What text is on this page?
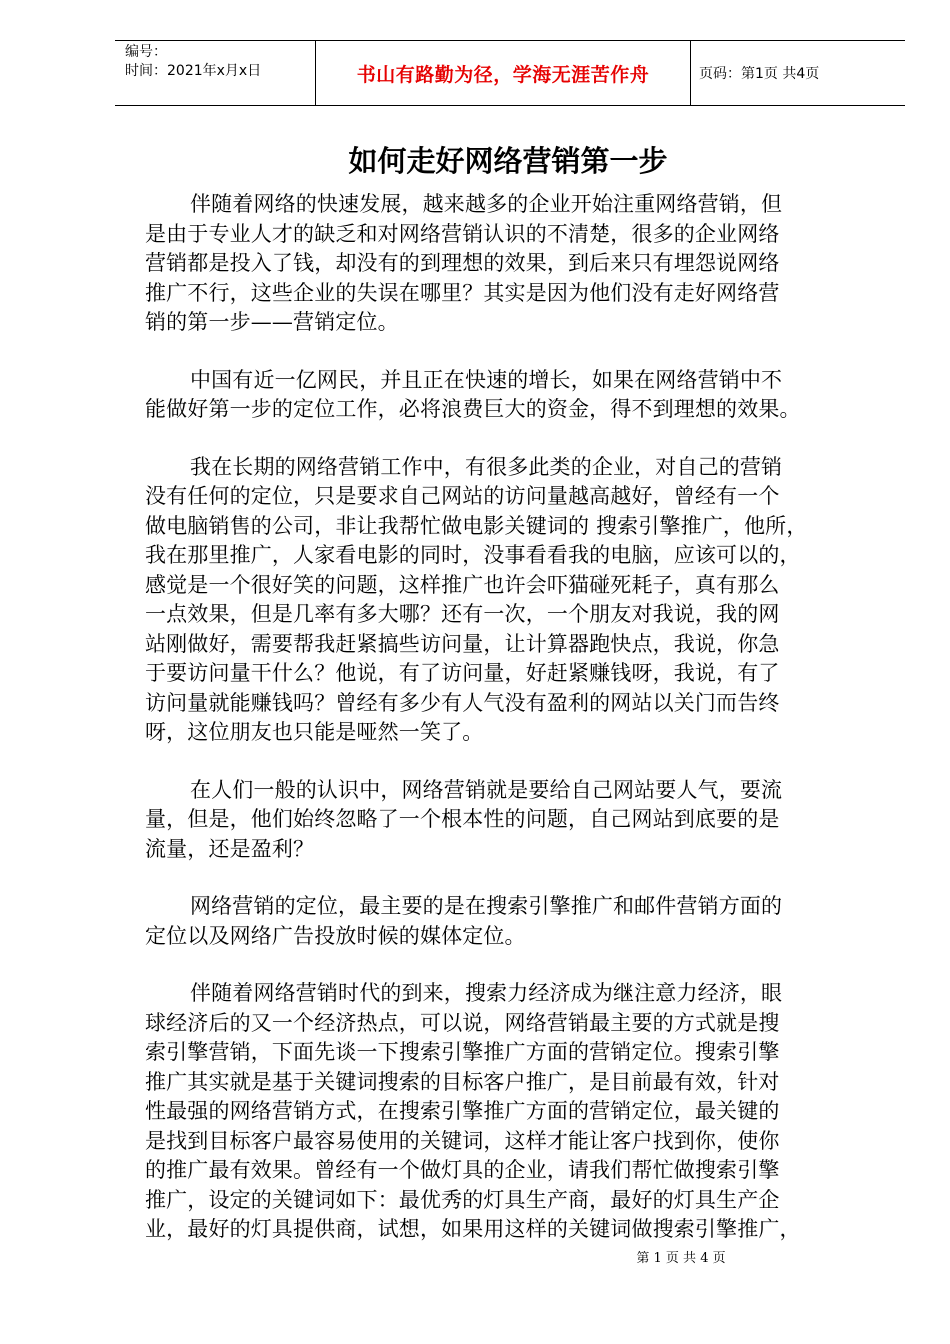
编号：
时间：2021年x月x日	书山有路勤为径，学海无涯苦作舟	页码：第1页 共4页
如何走好网络营销第一步
伴随着网络的快速发展，越来越多的企业开始注重网络营销，但
是由于专业人才的缺乏和对网络营销认识的不清楚，很多的企业网络
营销都是投入了钱，却没有的到理想的效果，到后来只有埋怨说网络
推广不行，这些企业的失误在哪里？其实是因为他们没有走好网络营
销的第一步——营销定位。
中国有近一亿网民，并且正在快速的增长，如果在网络营销中不
能做好第一步的定位工作，必将浪费巨大的资金，得不到理想的效果。
我在长期的网络营销工作中，有很多此类的企业，对自己的营销
没有任何的定位，只是要求自己网站的访问量越高越好，曾经有一个
做电脑销售的公司，非让我帮忙做电影关键词的 搜索引擎推广，他所，
我在那里推广，人家看电影的同时，没事看看我的电脑，应该可以的，
感觉是一个很好笑的问题，这样推广也许会吓猫碰死耗子，真有那么
一点效果，但是几率有多大哪？还有一次，一个朋友对我说，我的网
站刚做好，需要帮我赶紧搞些访问量，让计算器跑快点，我说，你急
于要访问量干什么？他说，有了访问量，好赶紧赚钱呀，我说，有了
访问量就能赚钱吗？曾经有多少有人气没有盈利的网站以关门而告终
呀，这位朋友也只能是哑然一笑了。
在人们一般的认识中，网络营销就是要给自己网站要人气，要流
量，但是，他们始终忽略了一个根本性的问题，自己网站到底要的是
流量，还是盈利？
网络营销的定位，最主要的是在搜索引擎推广和邮件营销方面的
定位以及网络广告投放时候的媒体定位。
伴随着网络营销时代的到来，搜索力经济成为继注意力经济，眼
球经济后的又一个经济热点，可以说，网络营销最主要的方式就是搜
索引擎营销，下面先谈一下搜索引擎推广方面的营销定位。搜索引擎
推广其实就是基于关键词搜索的目标客户推广，是目前最有效，针对
性最强的网络营销方式，在搜索引擎推广方面的营销定位，最关键的
是找到目标客户最容易使用的关键词，这样才能让客户找到你，使你
的推广最有效果。曾经有一个做灯具的企业，请我们帮忙做搜索引擎
推广，设定的关键词如下：最优秀的灯具生产商，最好的灯具生产企
业，最好的灯具提供商，试想，如果用这样的关键词做搜索引擎推广，
第 1 页 共 4 页
